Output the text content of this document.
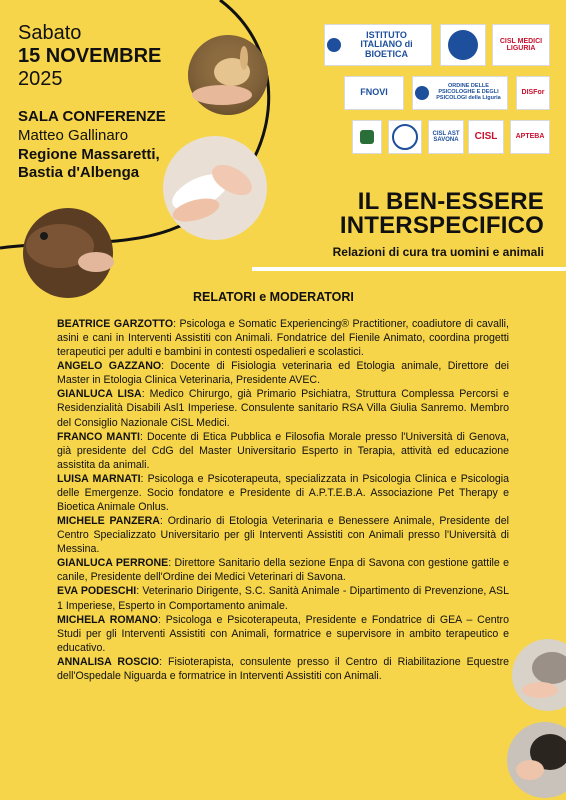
Sabato
15 NOVEMBRE
2025
SALA CONFERENZE
Matteo Gallinaro
Regione Massaretti,
Bastia d'Albenga
ISTITUTO ITALIANO di BIOETICA
CISL MEDICI LIGURIA
FNOVI
ORDINE DELLE PSICOLOGHE E DEGLI PSICOLOGI della Liguria
DISFor
CISL AST SAVONA CISL	APTEBA
IL BEN-ESSERE
INTERSPECIFICO
Relazioni di cura tra uomini e animali
RELATORI e MODERATORI

BEATRICE GARZOTTO: Psicologa e Somatic Experiencing® Practitioner, coadiutore di cavalli, asini e cani in Interventi Assistiti con Animali. Fondatrice del Fienile Animato, coordina progetti terapeutici per adulti e bambini in contesti ospedalieri e scolastici.

ANGELO GAZZANO: Docente di Fisiologia veterinaria ed Etologia animale, Direttore dei Master in Etologia Clinica Veterinaria, Presidente AVEC.

GIANLUCA LISA: Medico Chirurgo, già Primario Psichiatra, Struttura Complessa Percorsi e Residenzialità Disabili Asl1 Imperiese. Consulente sanitario RSA Villa Giulia Sanremo. Membro del Consiglio Nazionale CiSL Medici.

FRANCO MANTI: Docente di Etica Pubblica e Filosofia Morale presso l'Università di Genova, già presidente del CdG del Master Universitario Esperto in Terapia, attività ed educazione assistita da animali.

LUISA MARNATI: Psicologa e Psicoterapeuta, specializzata in Psicologia Clinica e Psicologia delle Emergenze. Socio fondatore e Presidente di A.P.T.E.B.A. Associazione Pet Therapy e Bioetica Animale Onlus.

MICHELE PANZERA: Ordinario di Etologia Veterinaria e Benessere Animale, Presidente del Centro Specializzato Universitario per gli Interventi Assistiti con Animali presso l'Università di Messina.

GIANLUCA PERRONE: Direttore Sanitario della sezione Enpa di Savona con gestione gattile e canile, Presidente dell'Ordine dei Medici Veterinari di Savona.

EVA PODESCHI: Veterinario Dirigente, S.C. Sanità Animale - Dipartimento di Prevenzione, ASL 1 Imperiese, Esperto in Comportamento animale.

MICHELA ROMANO: Psicologa e Psicoterapeuta, Presidente e Fondatrice di GEA – Centro Studi per gli Interventi Assistiti con Animali, formatrice e supervisore in ambito terapeutico e educativo.

ANNALISA ROSCIO: Fisioterapista, consulente presso il Centro di Riabilitazione Equestre dell'Ospedale Niguarda e formatrice in Interventi Assistiti con Animali.
